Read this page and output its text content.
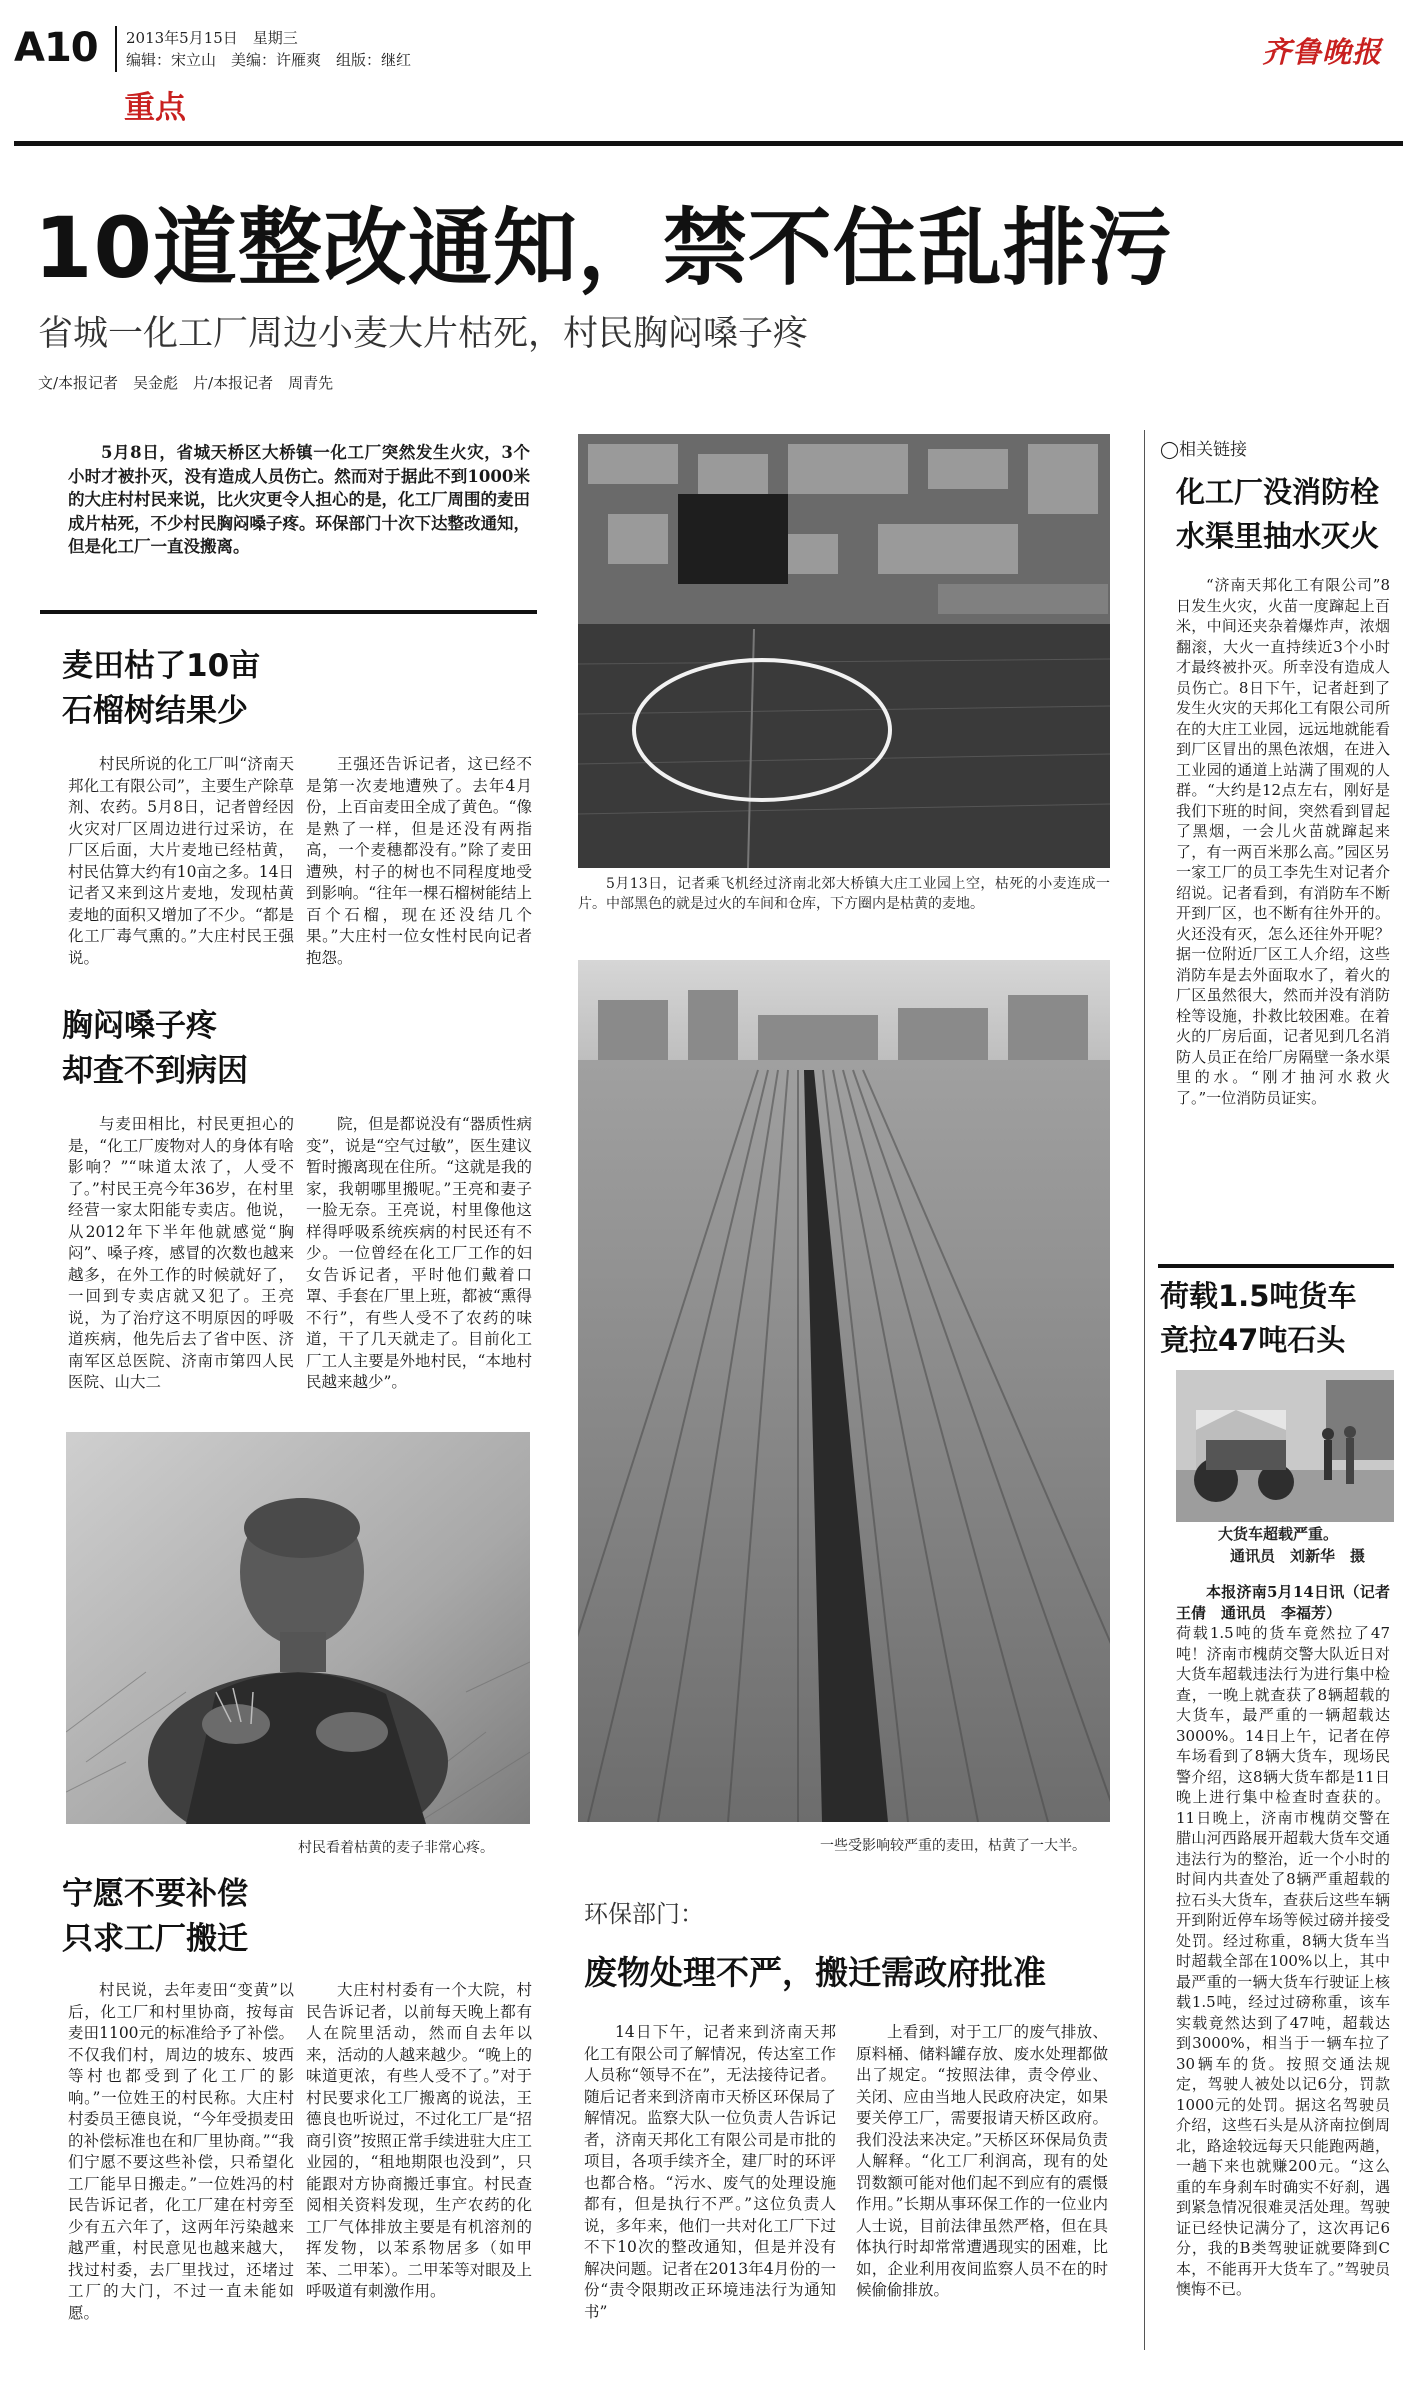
A10 2013年5月15日　星期三
编辑：宋立山　美编：许雁爽　组版：继红
重点
齐鲁晚报
10道整改通知，禁不住乱排污
省城一化工厂周边小麦大片枯死，村民胸闷嗓子疼
文/本报记者　吴金彪　片/本报记者　周青先

5月8日，省城天桥区大桥镇一化工厂突然发生火灾，3个小时才被扑灭，没有造成人员伤亡。然而对于据此不到1000米的大庄村村民来说，比火灾更令人担心的是，化工厂周围的麦田成片枯死，不少村民胸闷嗓子疼。环保部门十次下达整改通知，但是化工厂一直没搬离。

麦田枯了10亩
石榴树结果少

村民所说的化工厂叫“济南天邦化工有限公司”，主要生产除草剂、农药。5月8日，记者曾经因火灾对厂区周边进行过采访，在厂区后面，大片麦地已经枯黄，村民估算大约有10亩之多。14日记者又来到这片麦地，发现枯黄麦地的面积又增加了不少。“都是化工厂毒气熏的。”大庄村民王强说。

王强还告诉记者，这已经不是第一次麦地遭殃了。去年4月份，上百亩麦田全成了黄色。“像是熟了一样，但是还没有两指高，一个麦穗都没有。”除了麦田遭殃，村子的树也不同程度地受到影响。“往年一棵石榴树能结上百个石榴，现在还没结几个果。”大庄村一位女性村民向记者抱怨。

胸闷嗓子疼
却查不到病因

与麦田相比，村民更担心的是，“化工厂废物对人的身体有啥影响？”“味道太浓了，人受不了。”村民王亮今年36岁，在村里经营一家太阳能专卖店。他说，从2012年下半年他就感觉“胸闷”、嗓子疼，感冒的次数也越来越多，在外工作的时候就好了，一回到专卖店就又犯了。王亮说，为了治疗这不明原因的呼吸道疾病，他先后去了省中医、济南军区总医院、济南市第四人民医院、山大二

院，但是都说没有“器质性病变”，说是“空气过敏”，医生建议暂时搬离现在住所。“这就是我的家，我朝哪里搬呢。”王亮和妻子一脸无奈。王亮说，村里像他这样得呼吸系统疾病的村民还有不少。一位曾经在化工厂工作的妇女告诉记者，平时他们戴着口罩、手套在厂里上班，都被“熏得不行”，有些人受不了农药的味道，干了几天就走了。目前化工厂工人主要是外地村民，“本地村民越来越少”。

村民看着枯黄的麦子非常心疼。
宁愿不要补偿
只求工厂搬迁

村民说，去年麦田“变黄”以后，化工厂和村里协商，按每亩麦田1100元的标准给予了补偿。不仅我们村，周边的坡东、坡西等村也都受到了化工厂的影响。”一位姓王的村民称。大庄村村委员王德良说，“今年受损麦田的补偿标准也在和厂里协商。”“我们宁愿不要这些补偿，只希望化工厂能早日搬走。”一位姓冯的村民告诉记者，化工厂建在村旁至少有五六年了，这两年污染越来越严重，村民意见也越来越大，找过村委，去厂里找过，还堵过工厂的大门，不过一直未能如愿。

大庄村村委有一个大院，村民告诉记者，以前每天晚上都有人在院里活动，然而自去年以来，活动的人越来越少。“晚上的味道更浓，有些人受不了。”对于村民要求化工厂搬离的说法，王德良也听说过，不过化工厂是“招商引资”按照正常手续进驻大庄工业园的，“租地期限也没到”，只能跟对方协商搬迁事宜。村民查阅相关资料发现，生产农药的化工厂气体排放主要是有机溶剂的挥发物，以苯系物居多（如甲苯、二甲苯）。二甲苯等对眼及上呼吸道有刺激作用。

5月13日，记者乘飞机经过济南北郊大桥镇大庄工业园上空，枯死的小麦连成一片。中部黑色的就是过火的车间和仓库，下方圈内是枯黄的麦地。
一些受影响较严重的麦田，枯黄了一大半。
环保部门：
废物处理不严，搬迁需政府批准

14日下午，记者来到济南天邦化工有限公司了解情况，传达室工作人员称“领导不在”，无法接待记者。随后记者来到济南市天桥区环保局了解情况。监察大队一位负责人告诉记者，济南天邦化工有限公司是市批的项目，各项手续齐全，建厂时的环评也都合格。“污水、废气的处理设施都有，但是执行不严。”这位负责人说，多年来，他们一共对化工厂下过不下10次的整改通知，但是并没有解决问题。记者在2013年4月份的一份“责令限期改正环境违法行为通知书”

上看到，对于工厂的废气排放、原料桶、储料罐存放、废水处理都做出了规定。“按照法律，责令停业、关闭、应由当地人民政府决定，如果要关停工厂，需要报请天桥区政府。我们没法来决定。”天桥区环保局负责人解释。“化工厂利润高，现有的处罚数额可能对他们起不到应有的震慑作用。”长期从事环保工作的一位业内人士说，目前法律虽然严格，但在具体执行时却常常遭遇现实的困难，比如，企业利用夜间监察人员不在的时候偷偷排放。

◯相关链接
化工厂没消防栓
水渠里抽水灭火

“济南天邦化工有限公司”8日发生火灾，火苗一度蹿起上百米，中间还夹杂着爆炸声，浓烟翻滚，大火一直持续近3个小时才最终被扑灭。所幸没有造成人员伤亡。8日下午，记者赶到了发生火灾的天邦化工有限公司所在的大庄工业园，远远地就能看到厂区冒出的黑色浓烟，在进入工业园的通道上站满了围观的人群。“大约是12点左右，刚好是我们下班的时间，突然看到冒起了黑烟，一会儿火苗就蹿起来了，有一两百米那么高。”园区另一家工厂的员工李先生对记者介绍说。记者看到，有消防车不断开到厂区，也不断有往外开的。火还没有灭，怎么还往外开呢？据一位附近厂区工人介绍，这些消防车是去外面取水了，着火的厂区虽然很大，然而并没有消防栓等设施，扑救比较困难。在着火的厂房后面，记者见到几名消防人员正在给厂房隔壁一条水渠里的水。“刚才抽河水救火了。”一位消防员证实。

荷载1.5吨货车
竟拉47吨石头
大货车超载严重。
通讯员　刘新华　摄

本报济南5月14日讯（记者　王倩　通讯员　李福芳）

荷载1.5吨的货车竟然拉了47吨！济南市槐荫交警大队近日对大货车超载违法行为进行集中检查，一晚上就查获了8辆超载的大货车，最严重的一辆超载达3000%。14日上午，记者在停车场看到了8辆大货车，现场民警介绍，这8辆大货车都是11日晚上进行集中检查时查获的。11日晚上，济南市槐荫交警在腊山河西路展开超载大货车交通违法行为的整治，近一个小时的时间内共查处了8辆严重超载的拉石头大货车，查获后这些车辆开到附近停车场等候过磅并接受处罚。经过称重，8辆大货车当时超载全部在100%以上，其中最严重的一辆大货车行驶证上核载1.5吨，经过过磅称重，该车实载竟然达到了47吨，超载达到3000%，相当于一辆车拉了30辆车的货。按照交通法规定，驾驶人被处以记6分，罚款1000元的处罚。据这名驾驶员介绍，这些石头是从济南拉倒周北，路途较远每天只能跑两趟，一趟下来也就赚200元。“这么重的车身刹车时确实不好刹，遇到紧急情况很难灵活处理。驾驶证已经快记满分了，这次再记6分，我的B类驾驶证就要降到C本，不能再开大货车了。”驾驶员懊悔不已。
